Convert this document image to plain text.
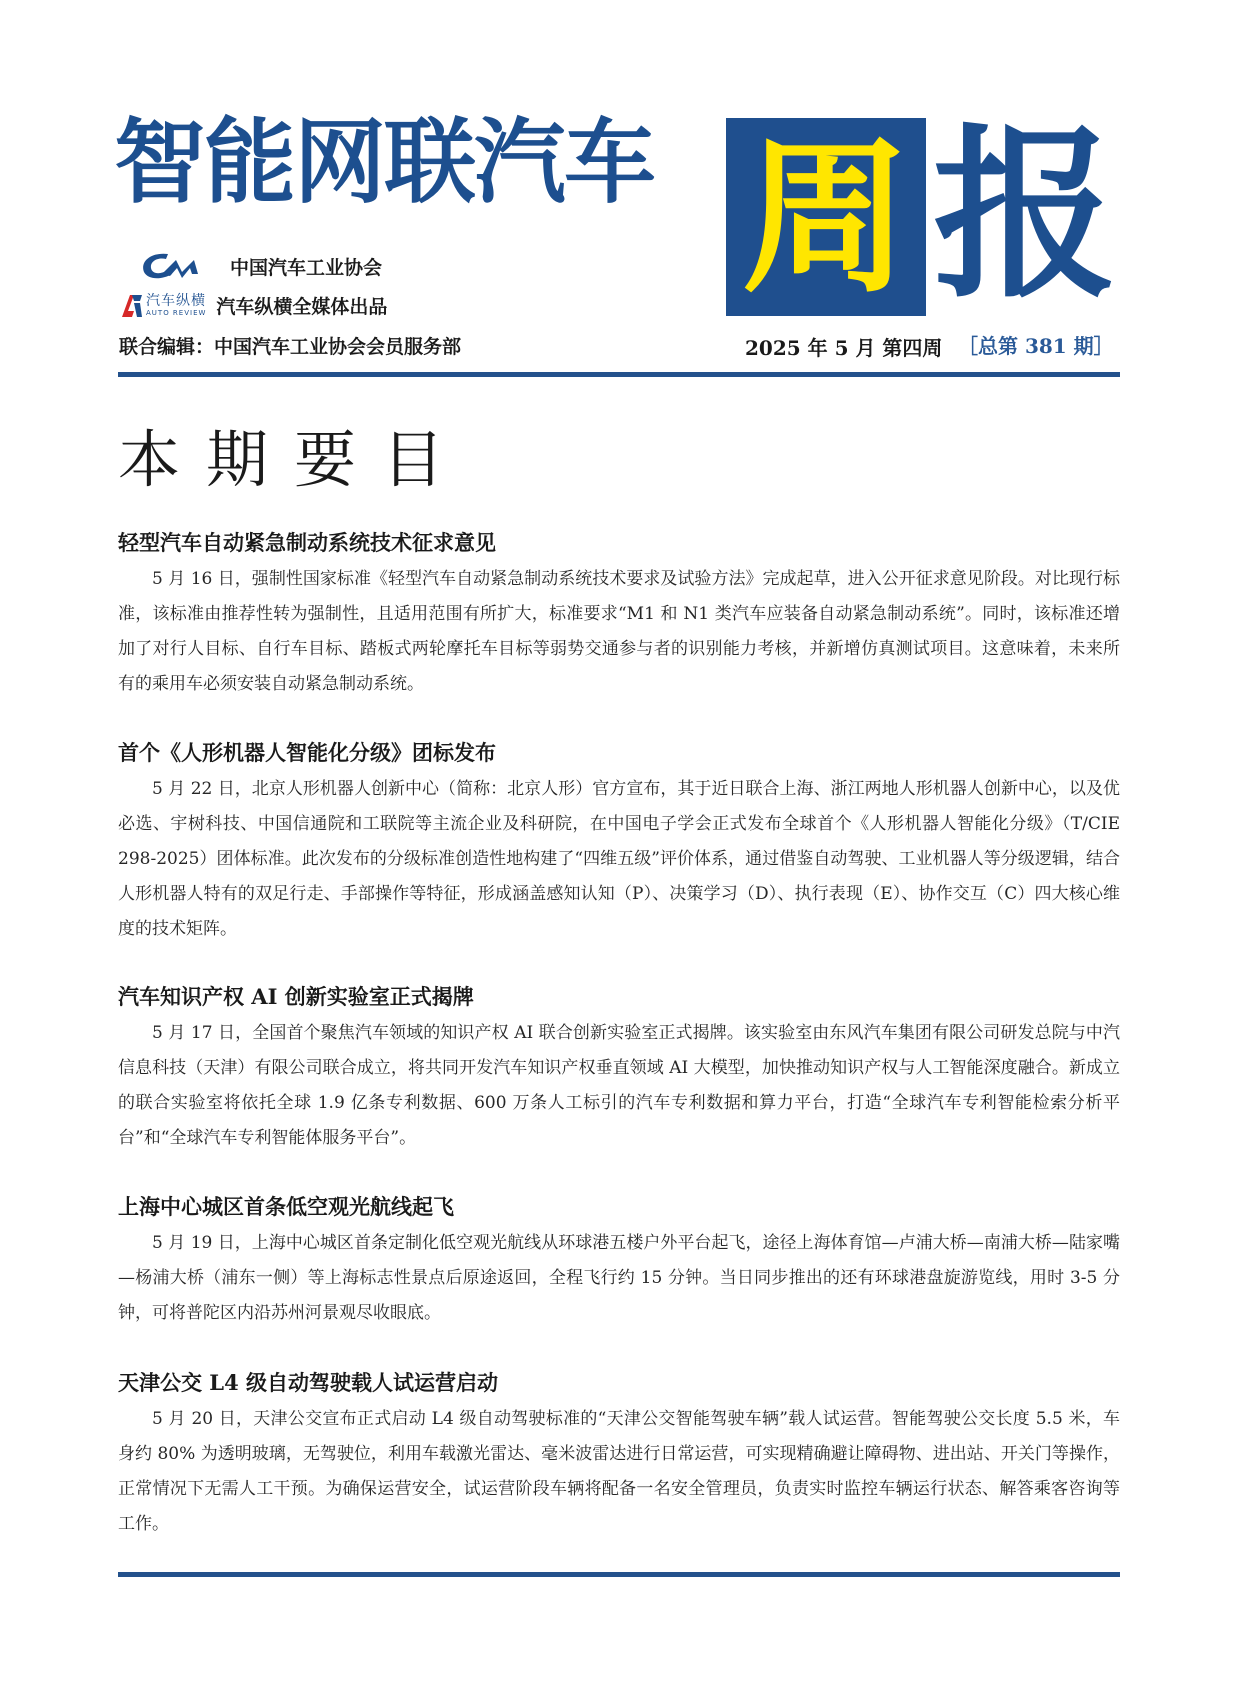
智能网联汽车 周 报
中国汽车工业协会
汽车纵横
AUTO REVIEW 汽车纵横全媒体出品
联合编辑：中国汽车工业协会会员服务部	2025 年 5 月 第四周 ［总第 381 期］
本期要目
轻型汽车自动紧急制动系统技术征求意见

5 月 16 日，强制性国家标准《轻型汽车自动紧急制动系统技术要求及试验方法》完成起草，进入公开征求意见阶段。对比现行标准，该标准由推荐性转为强制性，且适用范围有所扩大，标准要求“M1 和 N1 类汽车应装备自动紧急制动系统”。同时，该标准还增加了对行人目标、自行车目标、踏板式两轮摩托车目标等弱势交通参与者的识别能力考核，并新增仿真测试项目。这意味着，未来所有的乘用车必须安装自动紧急制动系统。

首个《人形机器人智能化分级》团标发布

5 月 22 日，北京人形机器人创新中心（简称：北京人形）官方宣布，其于近日联合上海、浙江两地人形机器人创新中心，以及优必选、宇树科技、中国信通院和工联院等主流企业及科研院，在中国电子学会正式发布全球首个《人形机器人智能化分级》（T/CIE 298-2025）团体标准。此次发布的分级标准创造性地构建了“四维五级”评价体系，通过借鉴自动驾驶、工业机器人等分级逻辑，结合人形机器人特有的双足行走、手部操作等特征，形成涵盖感知认知（P）、决策学习（D）、执行表现（E）、协作交互（C）四大核心维度的技术矩阵。

汽车知识产权 AI 创新实验室正式揭牌

5 月 17 日，全国首个聚焦汽车领域的知识产权 AI 联合创新实验室正式揭牌。该实验室由东风汽车集团有限公司研发总院与中汽信息科技（天津）有限公司联合成立，将共同开发汽车知识产权垂直领域 AI 大模型，加快推动知识产权与人工智能深度融合。新成立的联合实验室将依托全球 1.9 亿条专利数据、600 万条人工标引的汽车专利数据和算力平台，打造“全球汽车专利智能检索分析平台”和“全球汽车专利智能体服务平台”。

上海中心城区首条低空观光航线起飞

5 月 19 日，上海中心城区首条定制化低空观光航线从环球港五楼户外平台起飞，途径上海体育馆—卢浦大桥—南浦大桥—陆家嘴—杨浦大桥（浦东一侧）等上海标志性景点后原途返回，全程飞行约 15 分钟。当日同步推出的还有环球港盘旋游览线，用时 3-5 分钟，可将普陀区内沿苏州河景观尽收眼底。

天津公交 L4 级自动驾驶载人试运营启动

5 月 20 日，天津公交宣布正式启动 L4 级自动驾驶标准的“天津公交智能驾驶车辆”载人试运营。智能驾驶公交长度 5.5 米，车身约 80% 为透明玻璃，无驾驶位，利用车载激光雷达、毫米波雷达进行日常运营，可实现精确避让障碍物、进出站、开关门等操作，正常情况下无需人工干预。为确保运营安全，试运营阶段车辆将配备一名安全管理员，负责实时监控车辆运行状态、解答乘客咨询等工作。
